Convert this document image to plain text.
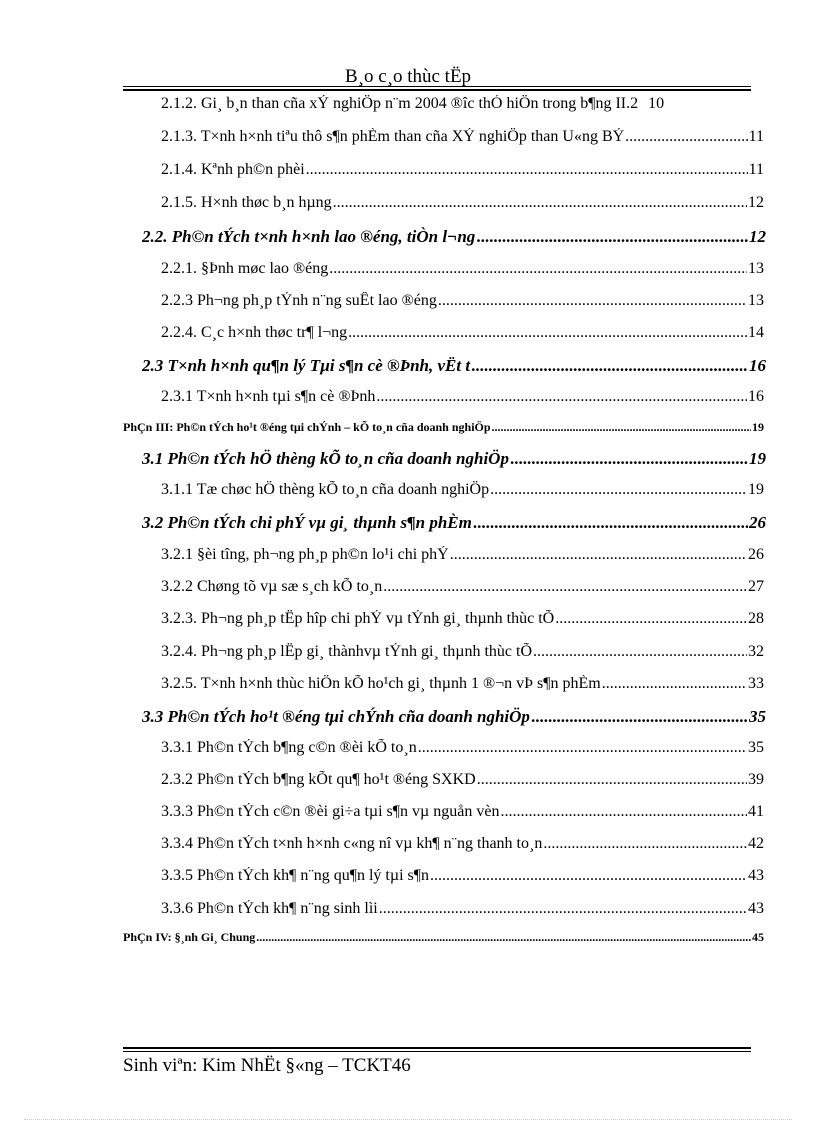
B¸o c¸o thùc tËp
2.1.2. Gi¸ b¸n than cña xÝ nghiÖp n¨m 2004 ®îc thÓ hiÖn trong b¶ng II.2 10
2.1.3. T×nh h×nh tiªu thô s¶n phÈm than cña XÝ nghiÖp than U«ng BÝ .....	11
2.1.4. Kªnh ph©n phèi .....	11
2.1.5. H×nh thøc b¸n hµng .....	12
2.2. Ph©n tÝch t×nh h×nh lao ®éng, tiÒn l¬ng .....	12
2.2.1. §Þnh møc lao ®éng .....	13
2.2.3 Ph¬ng ph¸p tÝnh n¨ng suÊt lao ®éng .....	13
2.2.4. C¸c h×nh thøc tr¶ l¬ng .....	14
2.3 T×nh h×nh qu¶n lý Tµi s¶n cè ®Þnh, vËt t .....	16
2.3.1 T×nh h×nh tµi s¶n cè ®Þnh .....	16
PhÇn III: Ph©n tÝch ho¹t ®éng tµi chÝnh – kÕ to¸n cña doanh nghiÖp .....	19
3.1 Ph©n tÝch hÖ thèng kÕ to¸n cña doanh nghiÖp .....	19
3.1.1 Tæ chøc hÖ thèng kÕ to¸n cña doanh nghiÖp .....	19
3.2 Ph©n tÝch chi phÝ vµ gi¸ thµnh s¶n phÈm .....	26
3.2.1 §èi tîng, ph¬ng ph¸p ph©n lo¹i chi phÝ .....	26
3.2.2 Chøng tõ vµ sæ s¸ch kÕ to¸n .....	27
3.2.3. Ph¬ng ph¸p tËp hîp chi phÝ vµ tÝnh gi¸ thµnh thùc tÕ .....	28
3.2.4. Ph¬ng ph¸p lËp gi¸ thànhvµ tÝnh gi¸ thµnh thùc tÕ .....	32
3.2.5. T×nh h×nh thùc hiÖn kÕ ho¹ch gi¸ thµnh 1 ®¬n vÞ s¶n phÈm .....	33
3.3 Ph©n tÝch ho¹t ®éng tµi chÝnh cña doanh nghiÖp .....	35
3.3.1 Ph©n tÝch b¶ng c©n ®èi kÕ to¸n .....	35
2.3.2 Ph©n tÝch b¶ng kÕt qu¶ ho¹t ®éng SXKD .....	39
3.3.3 Ph©n tÝch c©n ®èi gi÷a tµi s¶n vµ nguån vèn .....	41
3.3.4 Ph©n tÝch t×nh h×nh c«ng nî vµ kh¶ n¨ng thanh to¸n .....	42
3.3.5 Ph©n tÝch kh¶ n¨ng qu¶n lý tµi s¶n .....	43
3.3.6 Ph©n tÝch kh¶ n¨ng sinh lìi .....	43
PhÇn IV: §¸nh Gi¸ Chung .....	45
Sinh viªn: Kim NhËt §«ng – TCKT46
